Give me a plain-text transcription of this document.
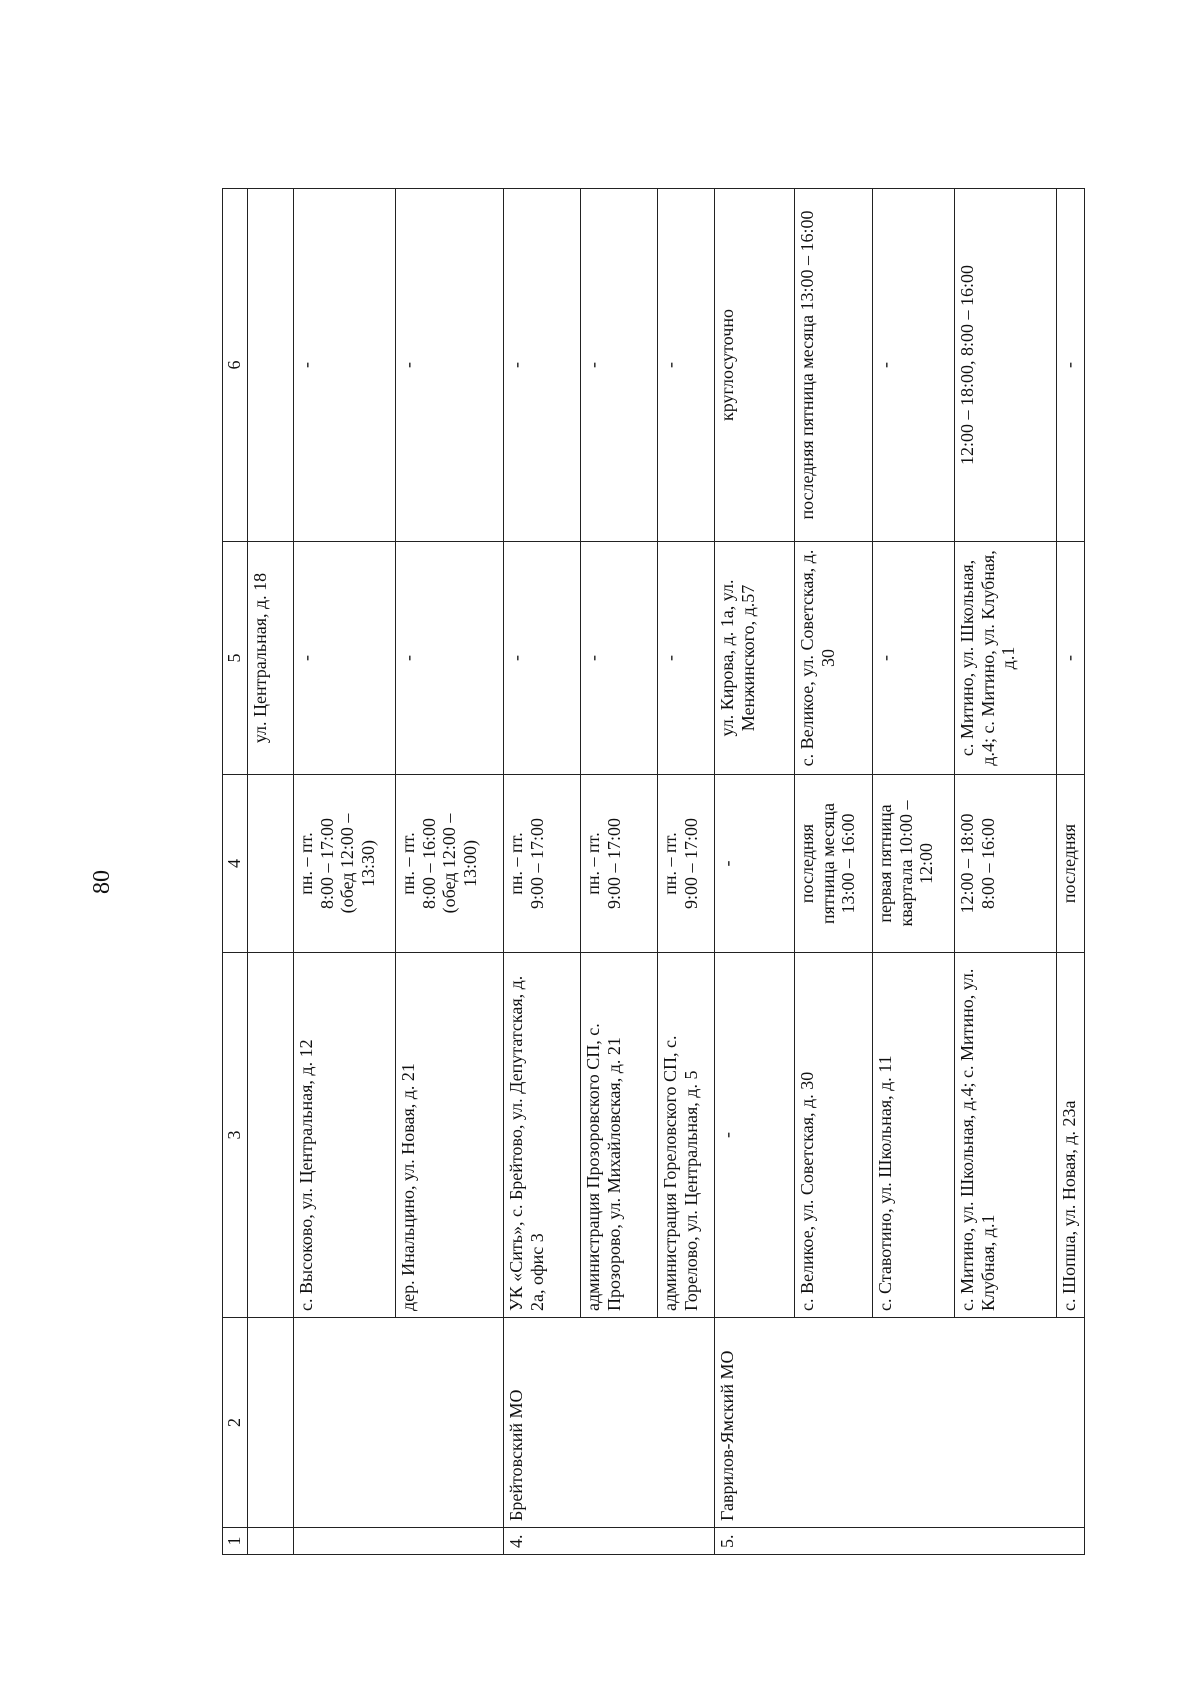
80
1	2	3	4	5	6
				ул. Центральная, д. 18	
		с. Высоково, ул. Центральная, д. 12	пн. – пт. 8:00 – 17:00 (обед 12:00 – 13:30)	-	-
		дер. Инальцино, ул. Новая, д. 21	пн. – пт. 8:00 – 16:00 (обед 12:00 – 13:00)	-	-
4.	Брейтовский МО	УК «Сить», с. Брейтово, ул. Депутатская, д. 2а, офис 3	пн. – пт. 9:00 – 17:00	-	-
		администрация Прозоровского СП, с. Прозорово, ул. Михайловская, д. 21	пн. – пт. 9:00 – 17:00	-	-
		администрация Гореловского СП, с. Горелово, ул. Центральная, д. 5	пн. – пт. 9:00 – 17:00	-	-
5.	Гаврилов-Ямский МО	-	-	ул. Кирова, д. 1а, ул. Менжинского, д.57	круглосуточно
		с. Великое, ул. Советская, д. 30	последняя пятница месяца 13:00 – 16:00	с. Великое, ул. Советская, д. 30	последняя пятница месяца 13:00 – 16:00
		с. Ставотино, ул. Школьная, д. 11	первая пятница квартала 10:00 – 12:00	-	-
		с. Митино, ул. Школьная, д.4; с. Митино, ул. Клубная, д.1	12:00 – 18:00 8:00 – 16:00	с. Митино, ул. Школьная, д.4; с. Митино, ул. Клубная, д.1	12:00 – 18:00, 8:00 – 16:00
		с. Шопша, ул. Новая, д. 23а	последняя	-	-
